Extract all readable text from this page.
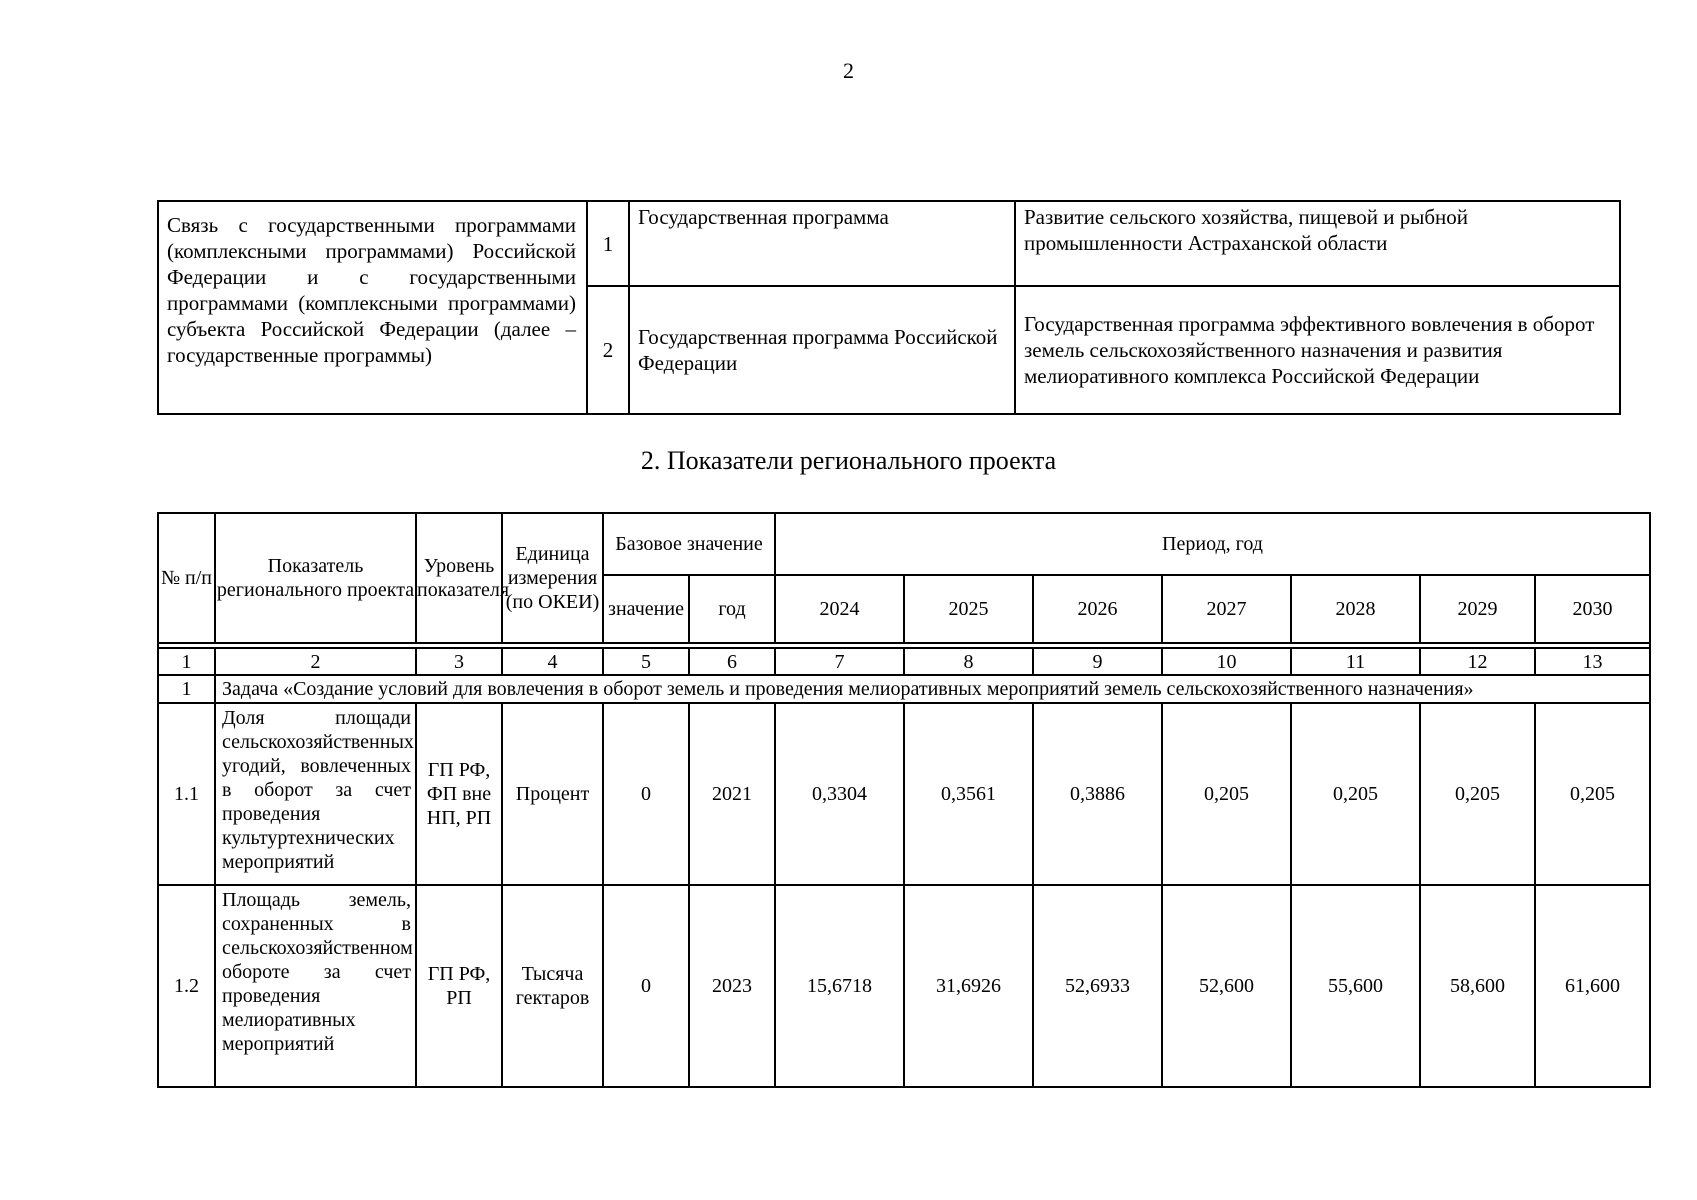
2
Связь с государственными программами (комплексными программами) Российской Федерации и с государственными программами (комплексными программами) субъекта Российской Федерации (далее – государственные программы)	1	Государственная программа	Развитие сельского хозяйства, пищевой и рыбной промышленности Астраханской области
	2	Государственная программа Российской Федерации	Государственная программа эффективного вовлечения в оборот земель сельскохозяйственного назначения и развития мелиоративного комплекса Российской Федерации
2. Показатели регионального проекта
№ п/п	Показатель регионального проекта	Уровень показателя	Единица измерения (по ОКЕИ)	Базовое значение		Период, год						
				значение	год	2024	2025	2026	2027	2028	2029	2030

1	2	3	4	5	6	7	8	9	10	11	12	13
1	Задача «Создание условий для вовлечения в оборот земель и проведения мелиоративных мероприятий земель сельскохозяйственного назначения»											
1.1	Доля площади сельскохозяйственных угодий, вовлеченных в оборот за счет проведения культуртехнических мероприятий	ГП РФ, ФП вне НП, РП	Процент	0	2021	0,3304	0,3561	0,3886	0,205	0,205	0,205	0,205
1.2	Площадь земель, сохраненных в сельскохозяйственном обороте за счет проведения мелиоративных мероприятий	ГП РФ, РП	Тысяча гектаров	0	2023	15,6718	31,6926	52,6933	52,600	55,600	58,600	61,600
